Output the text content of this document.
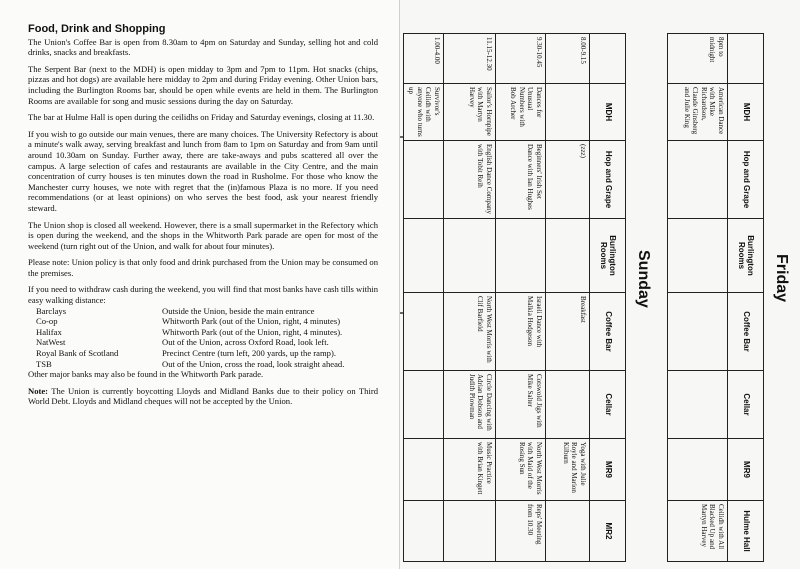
Food, Drink and Shopping

The Union's Coffee Bar is open from 8.30am to 4pm on Saturday and Sunday, selling hot and cold drinks, snacks and breakfasts.

The Serpent Bar (next to the MDH) is open midday to 3pm and 7pm to 11pm. Hot snacks (chips, pizzas and hot dogs) are available here midday to 2pm and during Friday evening. Other Union bars, including the Burlington Rooms bar, should be open while events are held in them. The Burlington Rooms are available for song and music sessions during the day on Saturday.

The bar at Hulme Hall is open during the ceilidhs on Friday and Saturday evenings, closing at 11.30.

If you wish to go outside our main venues, there are many choices. The University Refectory is about a minute's walk away, serving breakfast and lunch from 8am to 1pm on Saturday and from 9am until around 10.30am on Sunday. Further away, there are take-aways and pubs scattered all over the campus. A large selection of cafes and restaurants are available in the City Centre, and the main concentration of curry houses is ten minutes down the road in Rusholme. For those who know the Manchester curry houses, we note with regret that the (in)famous Plaza is no more. If you need recommendations (or at least opinions) on who serves the best food, ask your nearest friendly steward.

The Union shop is closed all weekend. However, there is a small supermarket in the Refectory which is open during the weekend, and the shops in the Whitworth Park parade are open for most of the weekend (turn right out of the Union, and walk for about four minutes).

Please note: Union policy is that only food and drink purchased from the Union may be consumed on the premises.

If you need to withdraw cash during the weekend, you will find that most banks have cash tills within easy walking distance:

Barclays	Outside the Union, beside the main entrance
Co-op	Whitworth Park (out of the Union, right, 4 minutes)
Halifax	Whitworth Park (out of the Union, right, 4 minutes).
NatWest	Out of the Union, across Oxford Road, look left.
Royal Bank of Scotland	Precinct Centre (turn left, 200 yards, up the ramp).
TSB	Out of the Union, cross the road, look straight ahead.

Other major banks may also be found in the Whitworth Park parade.

Note: The Union is currently boycotting Lloyds and Midland Banks due to their policy on Third World Debt. Lloyds and Midland cheques will not be accepted by the Union.

Friday
	MDH	Hop and Grape	Burlington Rooms	Coffee Bar	Cellar	MR9	Hulme Hall
8pm to midnight	American Dance with Mike Richardson, Claude Ginsberg and Julie King						Ceilidh with All Blacked Up and Martyn Harvey
Sunday
	MDH	Hop and Grape	Burlington Rooms	Coffee Bar	Cellar	MR9	MR2
8.00-9.15		(zzz)		Breakfast		Yoga with Julie Royle and Marion Kilburn	
9.30-10.45	Dances for Unusual Numbers with Bob Archer	Beginners' Irish Set Dance with Ian Hughes		Israeli Dance with Malkia Hodgeson	Cotswold Jigs with Mike Salter	North West Morris with Maid of the Rosing Sun	Reps' Meeting from 10.30
11.15-12.30	Sailor's Hornpipe with Martyn Harvey	English Dance Company with Tobit Reih		North West Morris with Clif Barfield	Circle Dancing with Adrian Dobson and Judith Plowman	Music Practice with Brian Kingett	
1.00-4.00	Survivor's Ceilidh with anyone who turns up						
